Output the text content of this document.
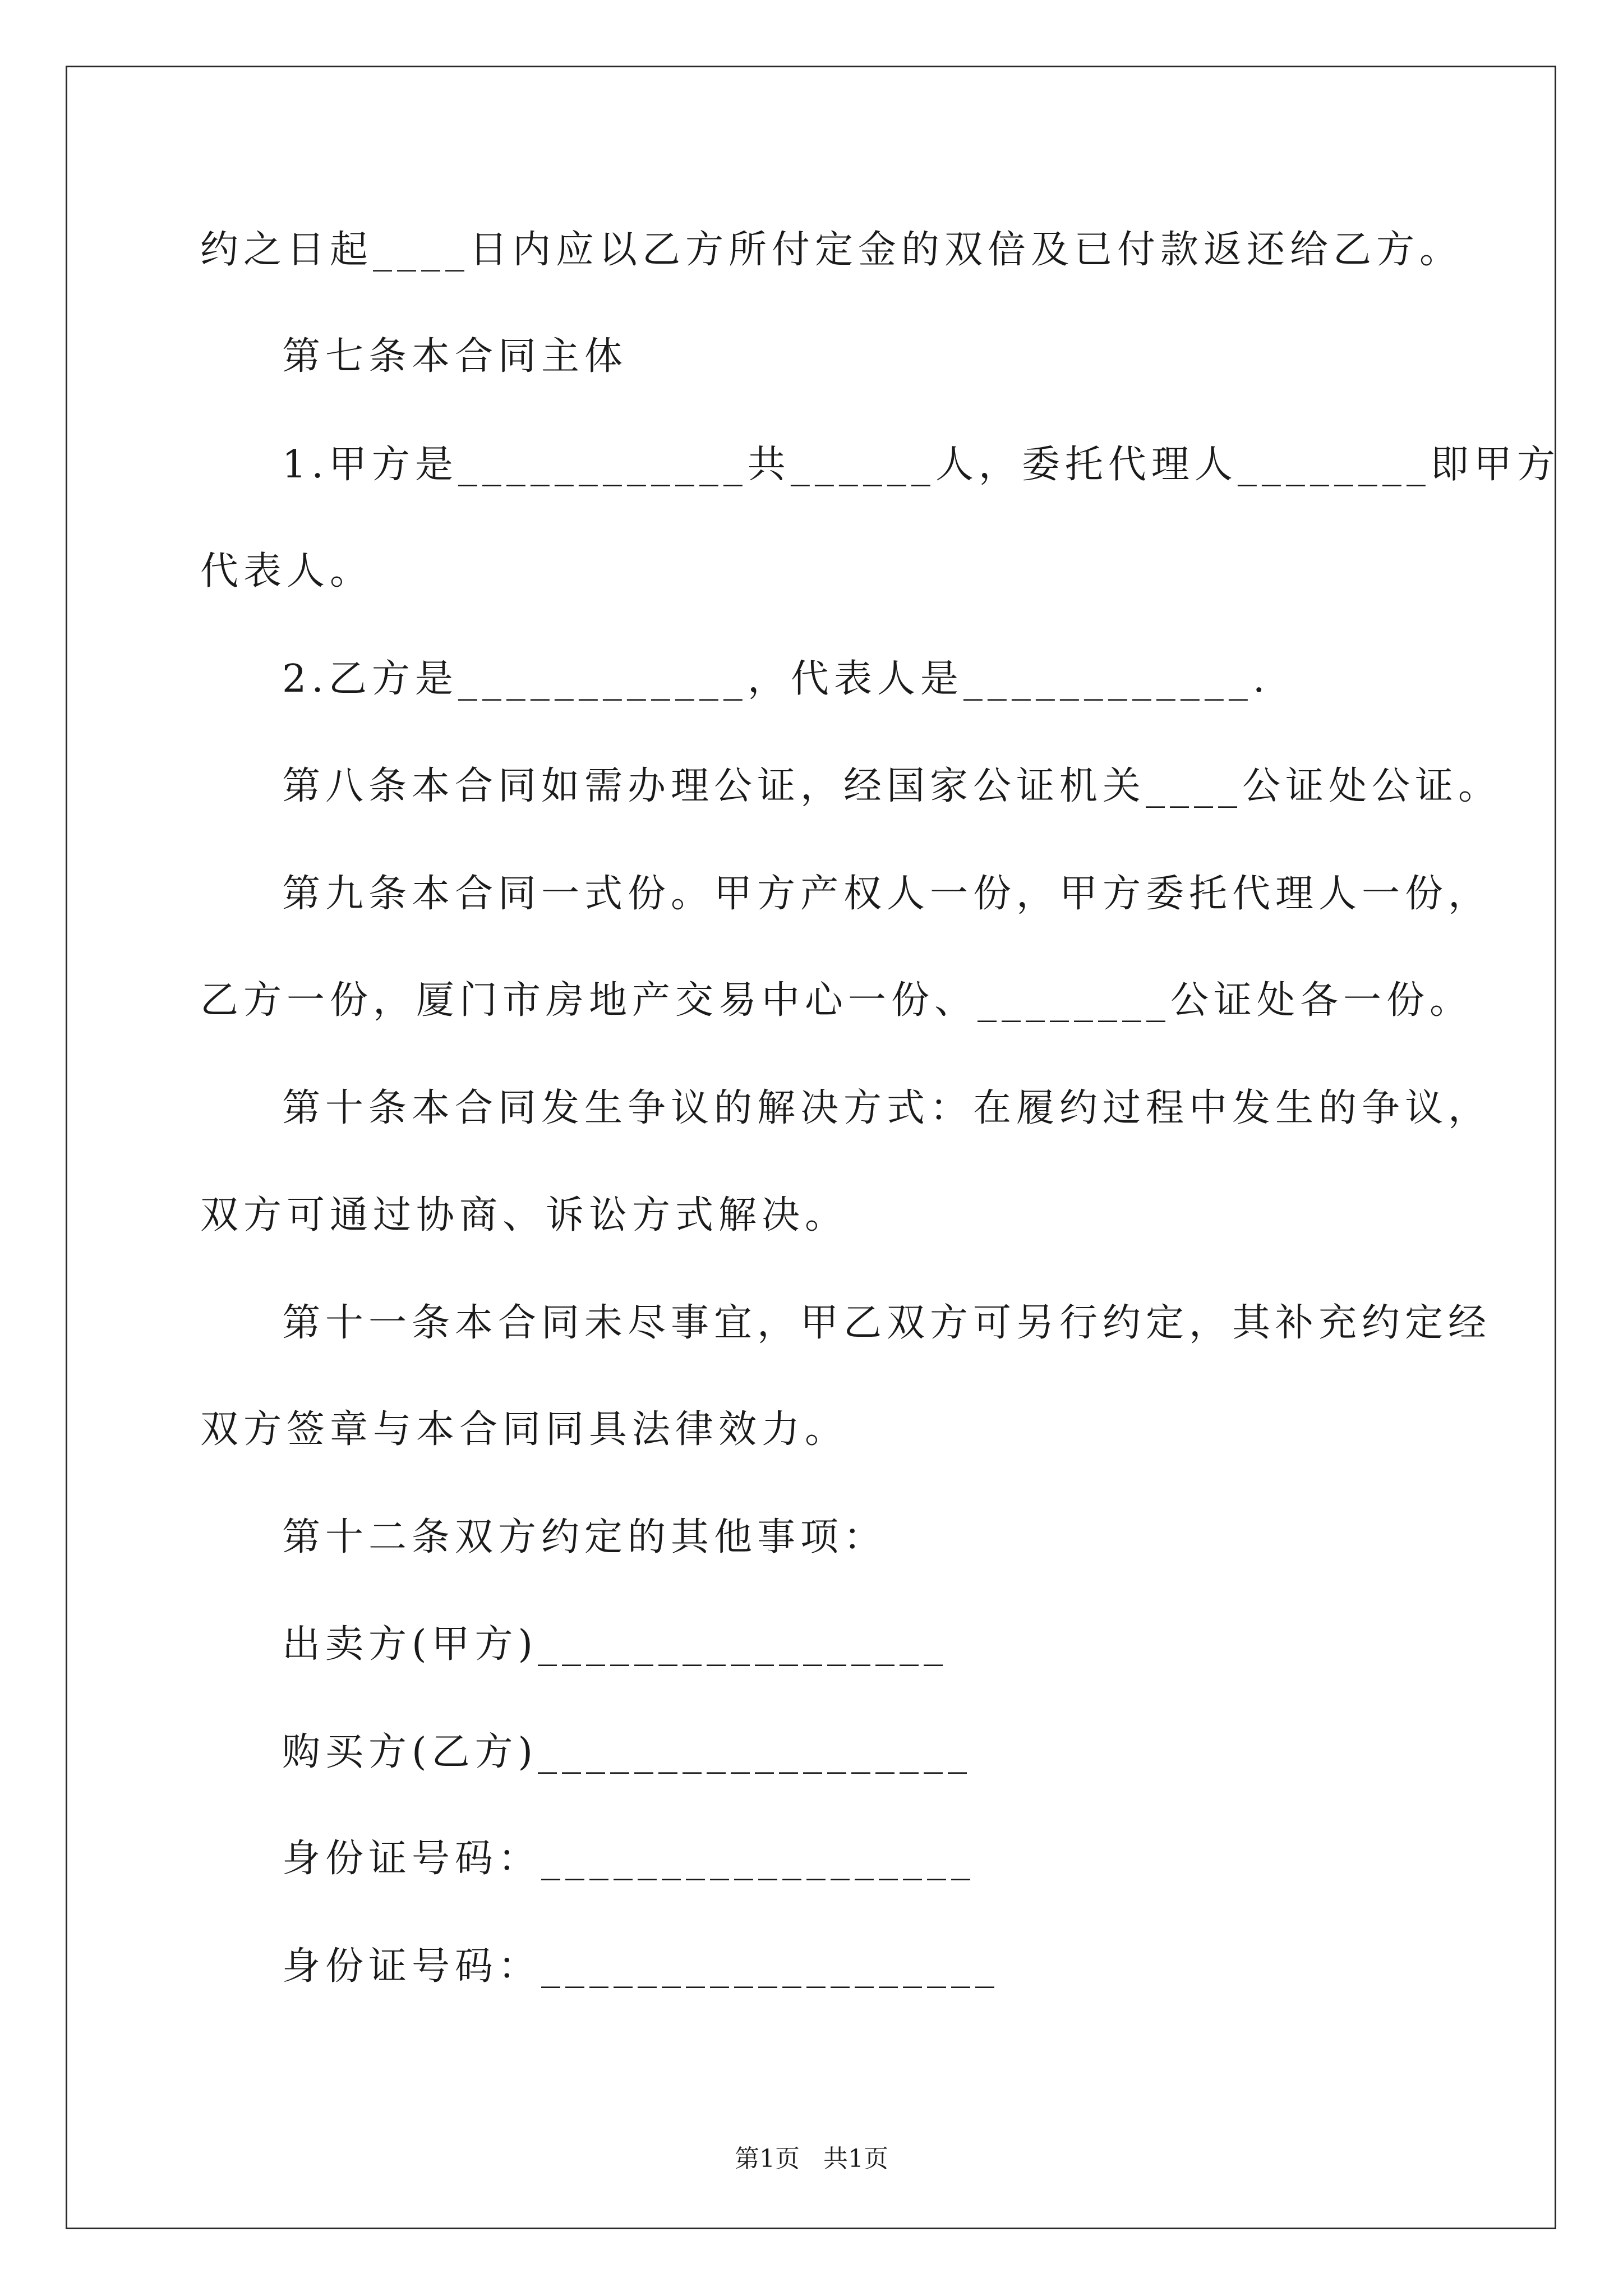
约之日起____日内应以乙方所付定金的双倍及已付款返还给乙方。
第七条本合同主体
1.甲方是____________共______人，委托代理人________即甲方
代表人。
2.乙方是____________，代表人是____________.
第八条本合同如需办理公证，经国家公证机关____公证处公证。
第九条本合同一式份。甲方产权人一份，甲方委托代理人一份，
乙方一份，厦门市房地产交易中心一份、________公证处各一份。
第十条本合同发生争议的解决方式：在履约过程中发生的争议，
双方可通过协商、诉讼方式解决。
第十一条本合同未尽事宜，甲乙双方可另行约定，其补充约定经
双方签章与本合同同具法律效力。
第十二条双方约定的其他事项：
出卖方(甲方)_________________
购买方(乙方)__________________
身份证号码：__________________
身份证号码：___________________
第1页   共1页
